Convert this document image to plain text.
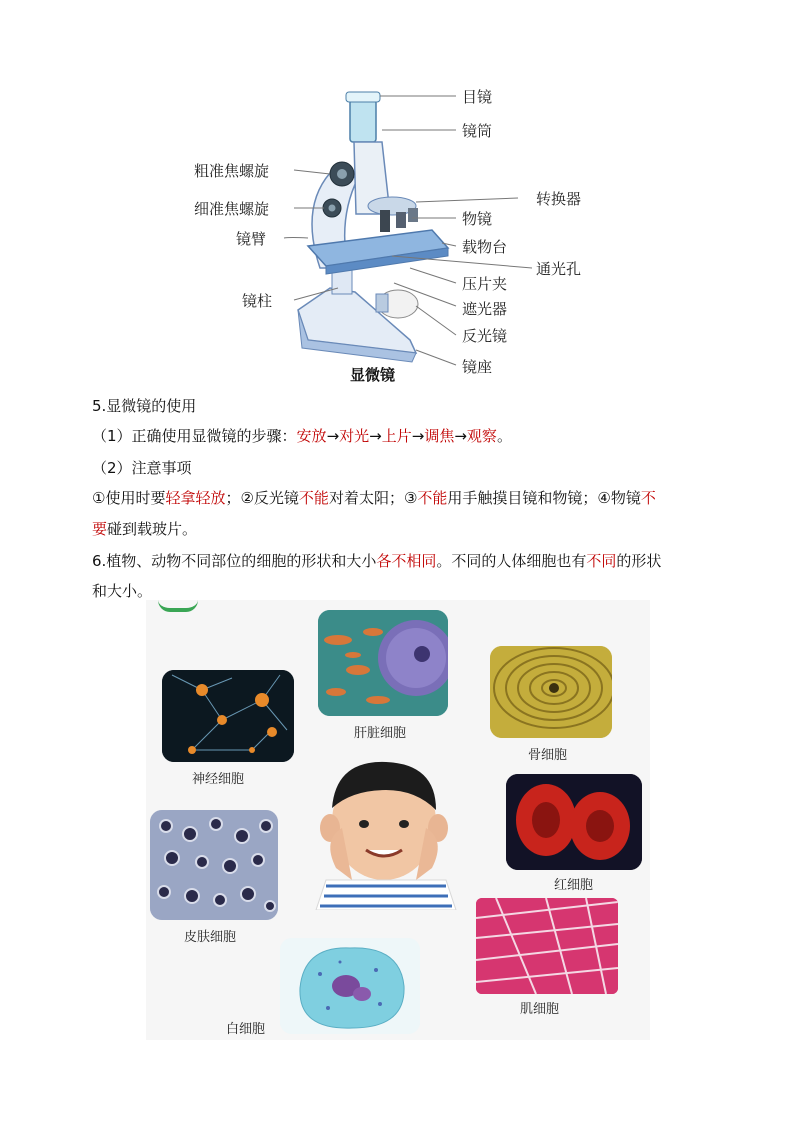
目镜
镜筒
粗准焦螺旋
细准焦螺旋
镜臂
镜柱
转换器
物镜
载物台
通光孔
压片夹
遮光器
反光镜
镜座
显微镜
5.显微镜的使用
（1）正确使用显微镜的步骤：安放→对光→上片→调焦→观察。
（2）注意事项
①使用时要轻拿轻放；②反光镜不能对着太阳；③不能用手触摸目镜和物镜；④物镜不
要碰到载玻片。
6.植物、动物不同部位的细胞的形状和大小各不相同。不同的人体细胞也有不同的形状
和大小。
肝脏细胞
骨细胞
神经细胞
红细胞
皮肤细胞
白细胞
肌细胞
